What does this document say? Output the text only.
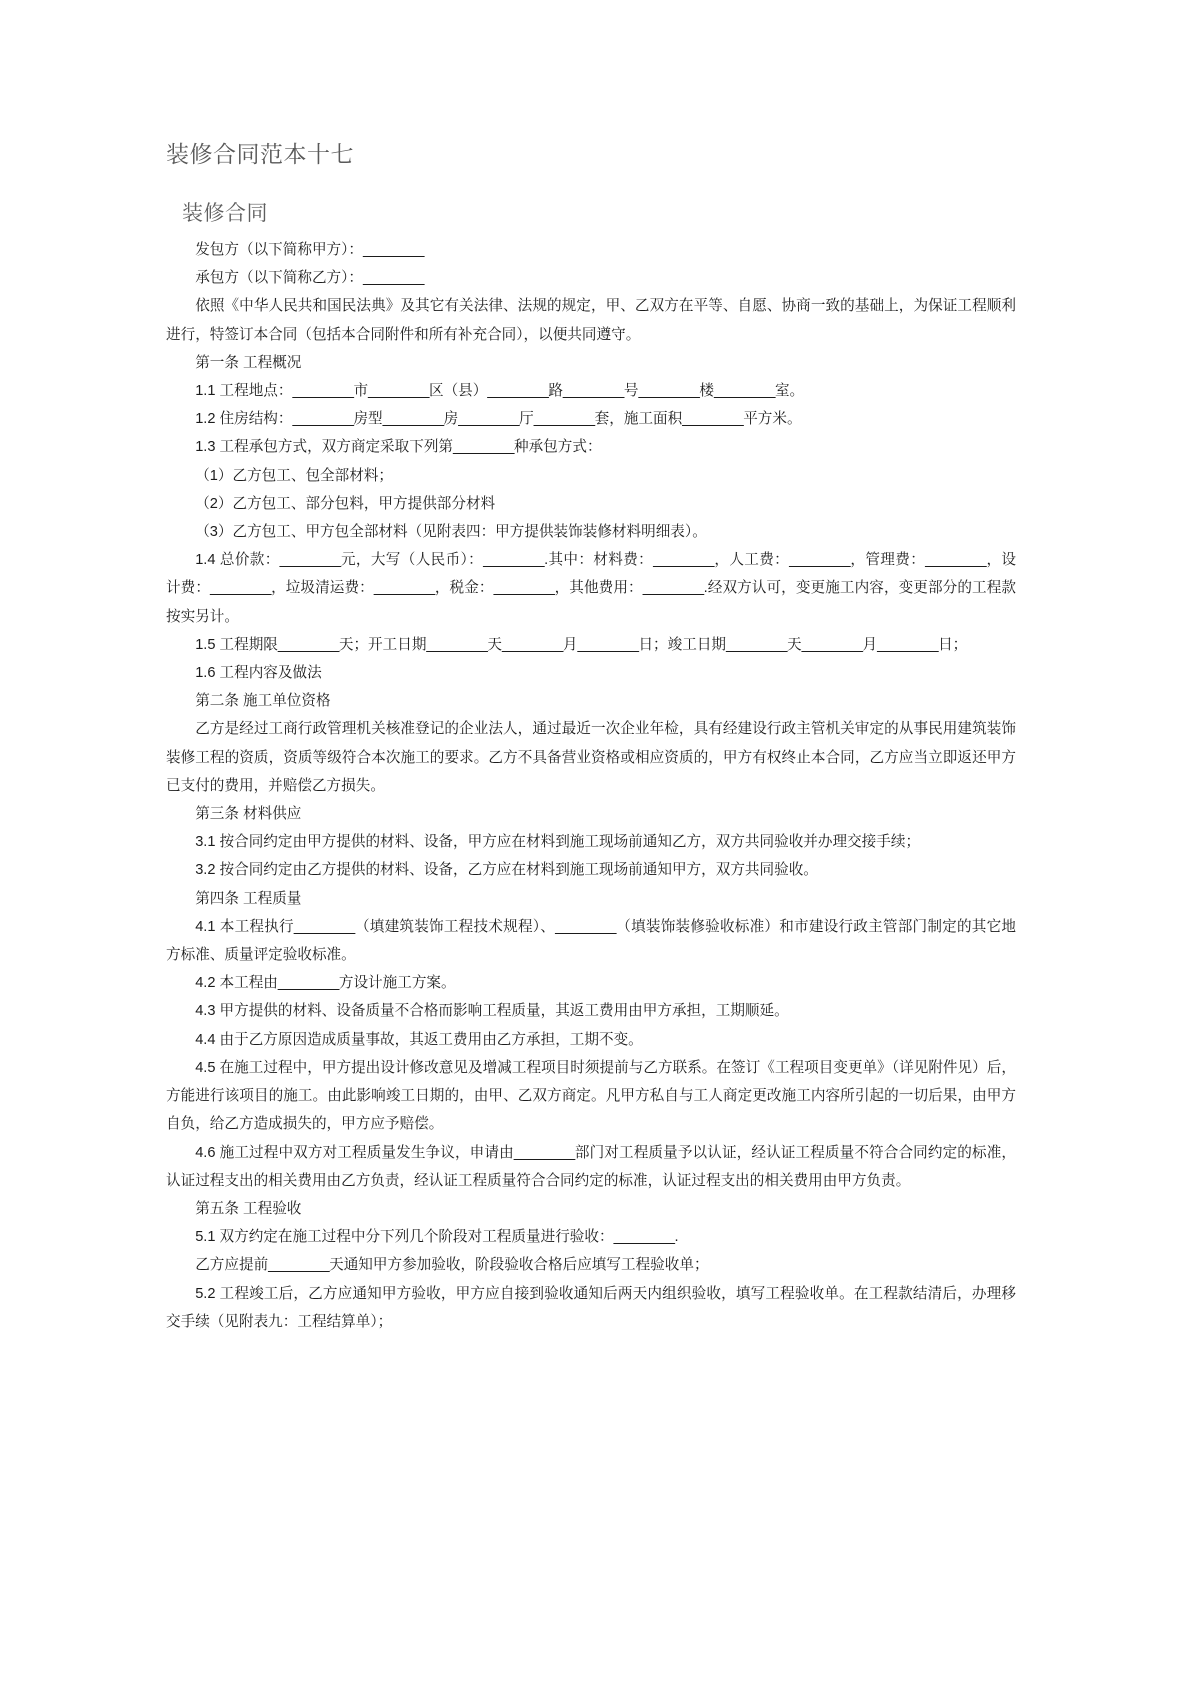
装修合同范本十七
装修合同

发包方（以下简称甲方）：________

承包方（以下简称乙方）：________

依照《中华人民共和国民法典》及其它有关法律、法规的规定，甲、乙双方在平等、自愿、协商一致的基础上，为保证工程顺利进行，特签订本合同（包括本合同附件和所有补充合同），以便共同遵守。

第一条 工程概况

1.1 工程地点：________市________区（县）________路________号________楼________室。

1.2 住房结构：________房型________房________厅________套，施工面积________平方米。

1.3 工程承包方式，双方商定采取下列第________种承包方式：

（1）乙方包工、包全部材料；

（2）乙方包工、部分包料，甲方提供部分材料

（3）乙方包工、甲方包全部材料（见附表四：甲方提供装饰装修材料明细表）。

1.4 总价款：________元，大写（人民币）：________.其中：材料费：________，人工费：________，管理费：________，设计费：________，垃圾清运费：________，税金：________，其他费用：________.经双方认可，变更施工内容，变更部分的工程款按实另计。

1.5 工程期限________天；开工日期________天________月________日；竣工日期________天________月________日；

1.6 工程内容及做法

第二条 施工单位资格

乙方是经过工商行政管理机关核准登记的企业法人，通过最近一次企业年检，具有经建设行政主管机关审定的从事民用建筑装饰装修工程的资质，资质等级符合本次施工的要求。乙方不具备营业资格或相应资质的，甲方有权终止本合同，乙方应当立即返还甲方已支付的费用，并赔偿乙方损失。

第三条 材料供应

3.1 按合同约定由甲方提供的材料、设备，甲方应在材料到施工现场前通知乙方，双方共同验收并办理交接手续；

3.2 按合同约定由乙方提供的材料、设备，乙方应在材料到施工现场前通知甲方，双方共同验收。

第四条 工程质量

4.1 本工程执行________（填建筑装饰工程技术规程）、________（填装饰装修验收标准）和市建设行政主管部门制定的其它地方标准、质量评定验收标准。

4.2 本工程由________方设计施工方案。

4.3 甲方提供的材料、设备质量不合格而影响工程质量，其返工费用由甲方承担，工期顺延。

4.4 由于乙方原因造成质量事故，其返工费用由乙方承担，工期不变。

4.5 在施工过程中，甲方提出设计修改意见及增减工程项目时须提前与乙方联系。在签订《工程项目变更单》（详见附件见）后，方能进行该项目的施工。由此影响竣工日期的，由甲、乙双方商定。凡甲方私自与工人商定更改施工内容所引起的一切后果，由甲方自负，给乙方造成损失的，甲方应予赔偿。

4.6 施工过程中双方对工程质量发生争议，申请由________部门对工程质量予以认证，经认证工程质量不符合合同约定的标准，认证过程支出的相关费用由乙方负责，经认证工程质量符合合同约定的标准，认证过程支出的相关费用由甲方负责。

第五条 工程验收

5.1 双方约定在施工过程中分下列几个阶段对工程质量进行验收：________.

乙方应提前________天通知甲方参加验收，阶段验收合格后应填写工程验收单；

5.2 工程竣工后，乙方应通知甲方验收，甲方应自接到验收通知后两天内组织验收，填写工程验收单。在工程款结清后，办理移交手续（见附表九：工程结算单）；
